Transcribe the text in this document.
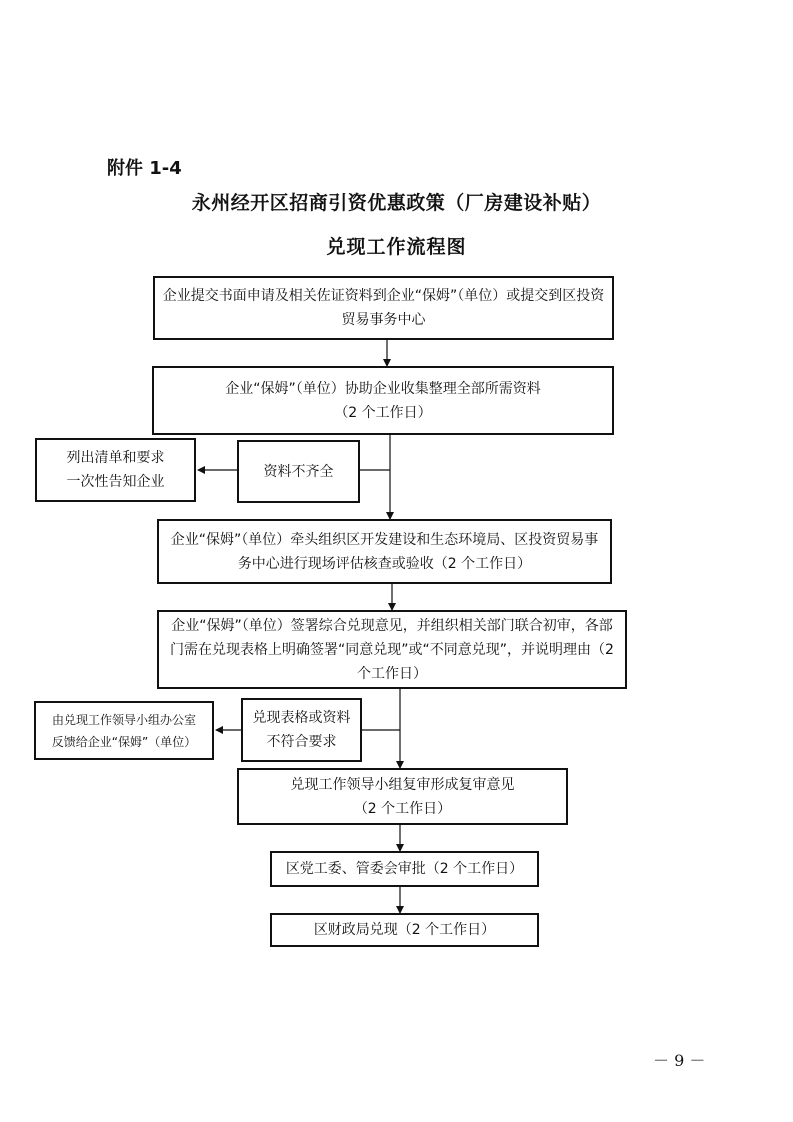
附件 1-4
永州经开区招商引资优惠政策（厂房建设补贴）
兑现工作流程图
企业提交书面申请及相关佐证资料到企业“保姆”（单位）或提交到区投资贸易事务中心
企业“保姆”（单位）协助企业收集整理全部所需资料
（2 个工作日）
资料不齐全
列出清单和要求
一次性告知企业
企业“保姆”（单位）牵头组织区开发建设和生态环境局、区投资贸易事务中心进行现场评估核查或验收（2 个工作日）
企业“保姆”（单位）签署综合兑现意见，并组织相关部门联合初审，各部门需在兑现表格上明确签署“同意兑现”或“不同意兑现”，并说明理由（2 个工作日）
兑现表格或资料不符合要求
由兑现工作领导小组办公室
反馈给企业“保姆”（单位）
兑现工作领导小组复审形成复审意见
（2 个工作日）
区党工委、管委会审批（2 个工作日）
区财政局兑现（2 个工作日）
－ 9 －
